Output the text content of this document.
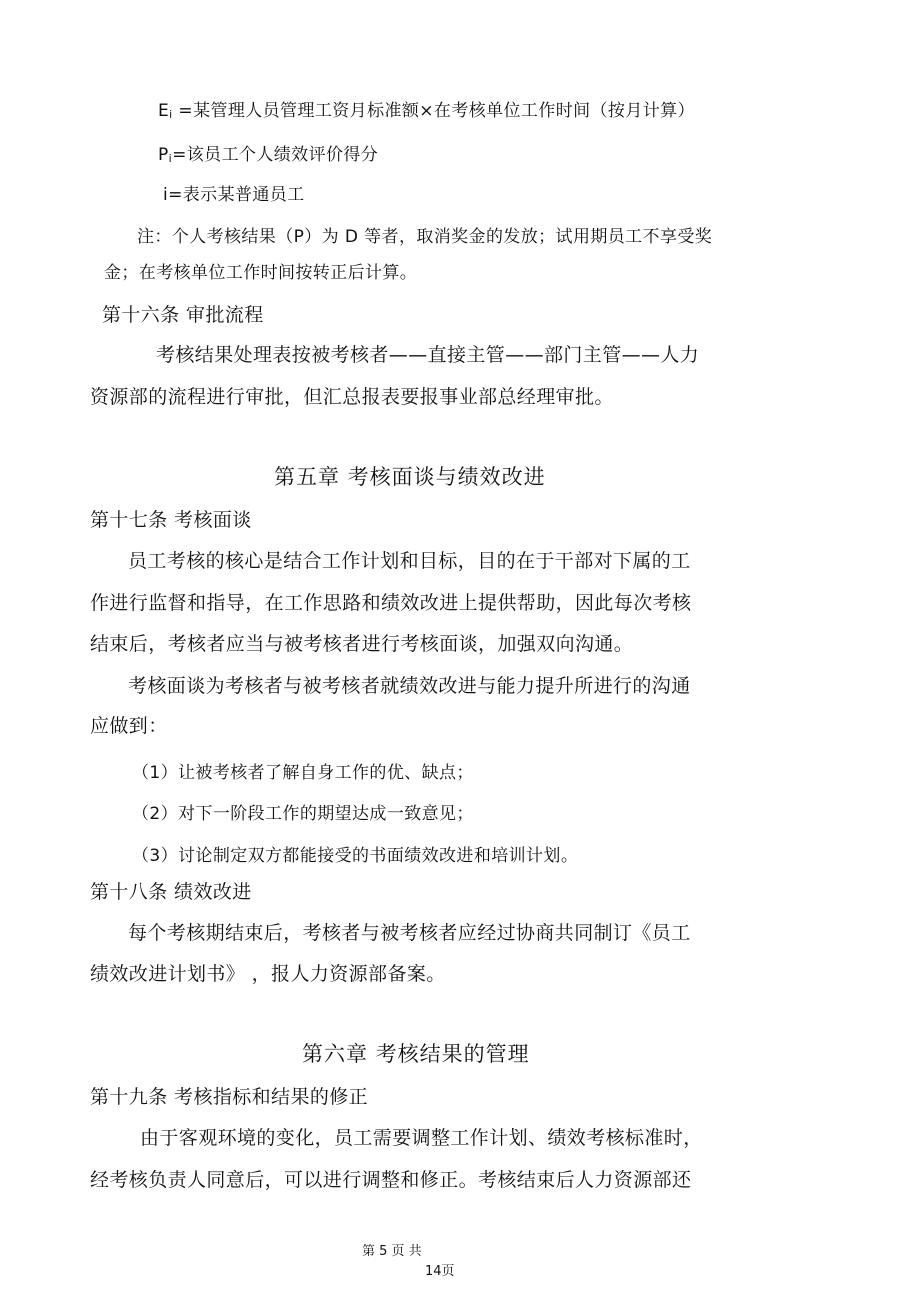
$E_i$ =某管理人员管理工资月标准额×在考核单位工作时间（按月计算）
$P_i=$该员工个人绩效评价得分
i=表示某普通员工
注：个人考核结果（P）为 D 等者，取消奖金的发放；试用期员工不享受奖
金；在考核单位工作时间按转正后计算。
第十六条 审批流程
考核结果处理表按被考核者——直接主管——部门主管——人力
资源部的流程进行审批，但汇总报表要报事业部总经理审批。
第五章 考核面谈与绩效改进
第十七条 考核面谈
员工考核的核心是结合工作计划和目标，目的在于干部对下属的工
作进行监督和指导，在工作思路和绩效改进上提供帮助，因此每次考核
结束后，考核者应当与被考核者进行考核面谈，加强双向沟通。
考核面谈为考核者与被考核者就绩效改进与能力提升所进行的沟通
应做到：
（1）让被考核者了解自身工作的优、缺点；
（2）对下一阶段工作的期望达成一致意见；
（3）讨论制定双方都能接受的书面绩效改进和培训计划。
第十八条 绩效改进
每个考核期结束后，考核者与被考核者应经过协商共同制订《员工
绩效改进计划书》 ，报人力资源部备案。
第六章 考核结果的管理
第十九条 考核指标和结果的修正
由于客观环境的变化，员工需要调整工作计划、绩效考核标准时，
经考核负责人同意后，可以进行调整和修正。考核结束后人力资源部还
第 5 页 共
14页
